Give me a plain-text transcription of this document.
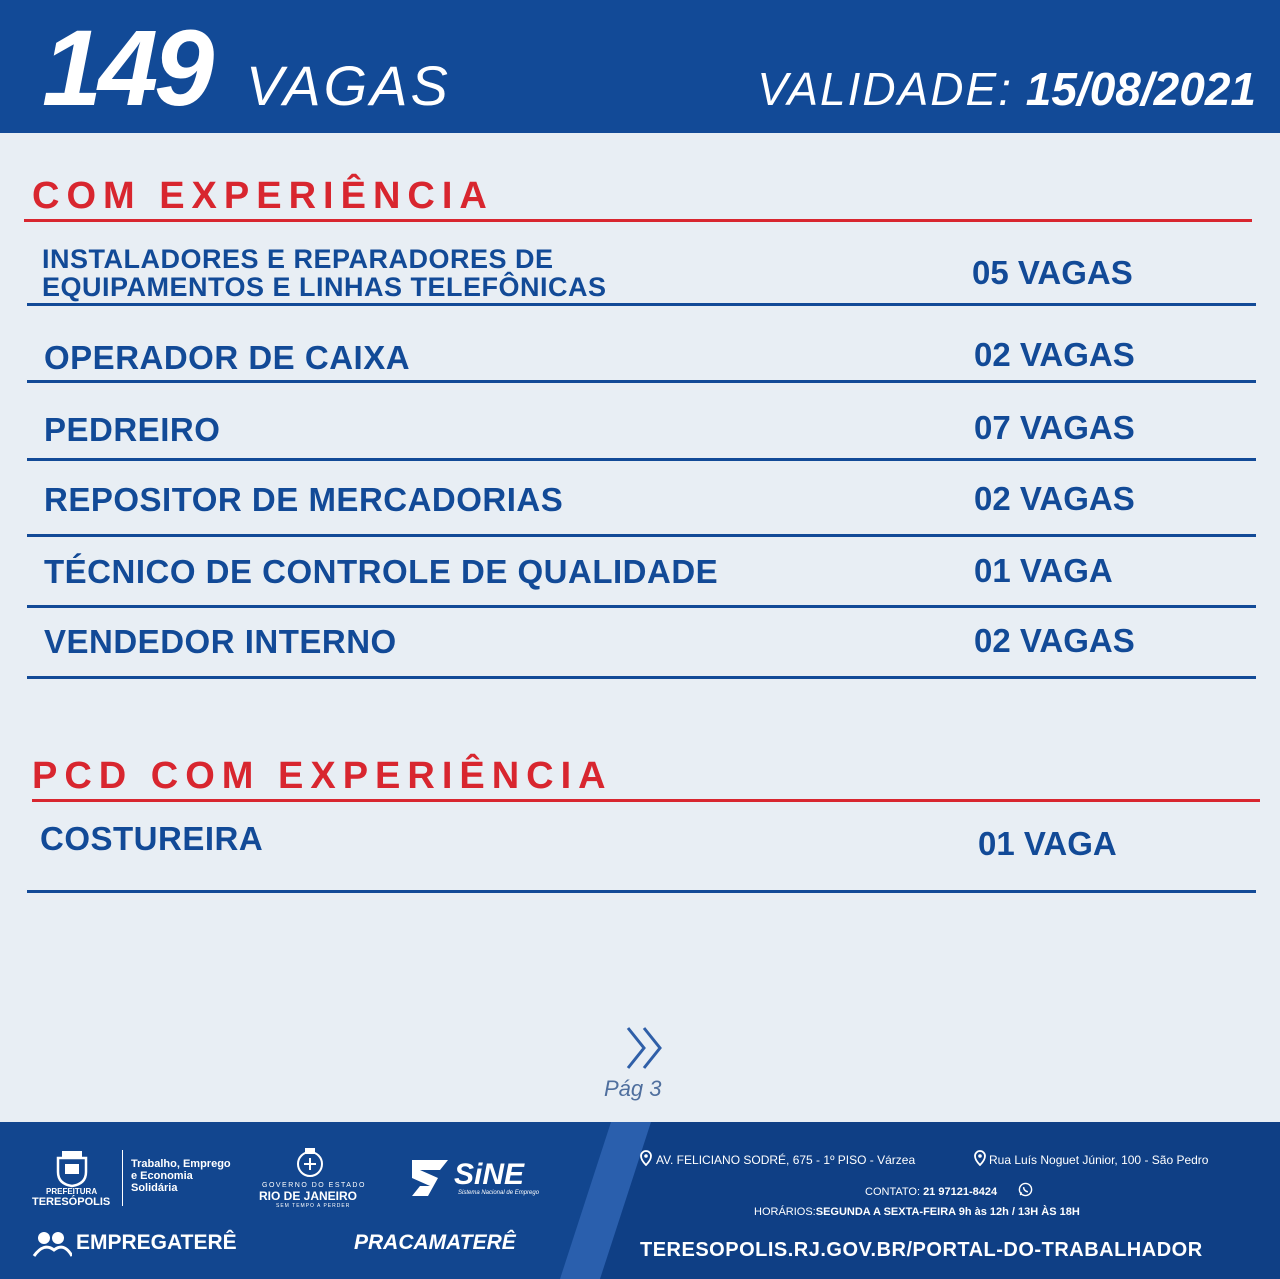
149 VAGAS	VALIDADE: 15/08/2021
COM EXPERIÊNCIA
INSTALADORES E REPARADORES DE
EQUIPAMENTOS E LINHAS TELEFÔNICAS	05 VAGAS
OPERADOR DE CAIXA	02 VAGAS
PEDREIRO	07 VAGAS
REPOSITOR DE MERCADORIAS	02 VAGAS
TÉCNICO DE CONTROLE DE QUALIDADE	01 VAGA
VENDEDOR INTERNO	02 VAGAS
PCD COM EXPERIÊNCIA
COSTUREIRA	01 VAGA
Pág 3
PREFEITURA
TERESÓPOLIS
Trabalho, Emprego
e Economia
Solidária	GOVERNO DO ESTADO
RIO DE JANEIRO
SEM TEMPO A PERDER
SiNE
Sistema Nacional de Emprego
EMPREGATERÊ	PRACAMATERÊ
AV. FELICIANO SODRÉ, 675 - 1º PISO - Várzea	Rua Luís Noguet Júnior, 100 - São Pedro
CONTATO: 21 97121-8424
HORÁRIOS:SEGUNDA A SEXTA-FEIRA 9h às 12h / 13H ÀS 18H
TERESOPOLIS.RJ.GOV.BR/PORTAL-DO-TRABALHADOR
